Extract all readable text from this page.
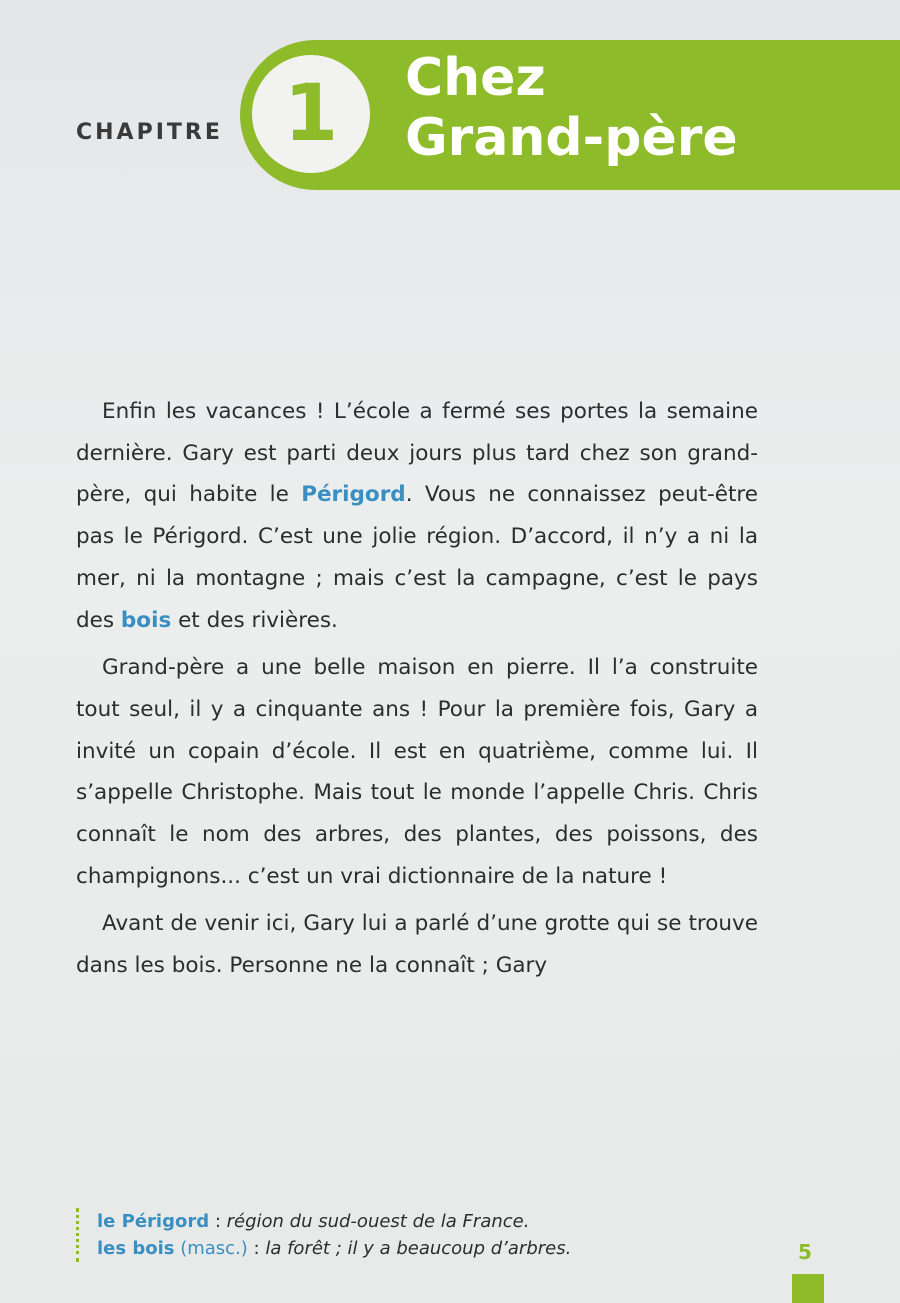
CHAPITRE 1 Chez
Grand-père

Enfin les vacances ! L’école a fermé ses portes la semaine dernière. Gary est parti deux jours plus tard chez son grand-père, qui habite le Périgord. Vous ne connaissez peut-être pas le Périgord. C’est une jolie région. D’accord, il n’y a ni la mer, ni la montagne ; mais c’est la campagne, c’est le pays des bois et des rivières.

Grand-père a une belle maison en pierre. Il l’a construite tout seul, il y a cinquante ans ! Pour la première fois, Gary a invité un copain d’école. Il est en quatrième, comme lui. Il s’appelle Christophe. Mais tout le monde l’appelle Chris. Chris connaît le nom des arbres, des plantes, des poissons, des champignons... c’est un vrai dictionnaire de la nature !

Avant de venir ici, Gary lui a parlé d’une grotte qui se trouve dans les bois. Personne ne la connaît ; Gary

le Périgord : région du sud-ouest de la France.
les bois (masc.) : la forêt ; il y a beaucoup d’arbres.	5
